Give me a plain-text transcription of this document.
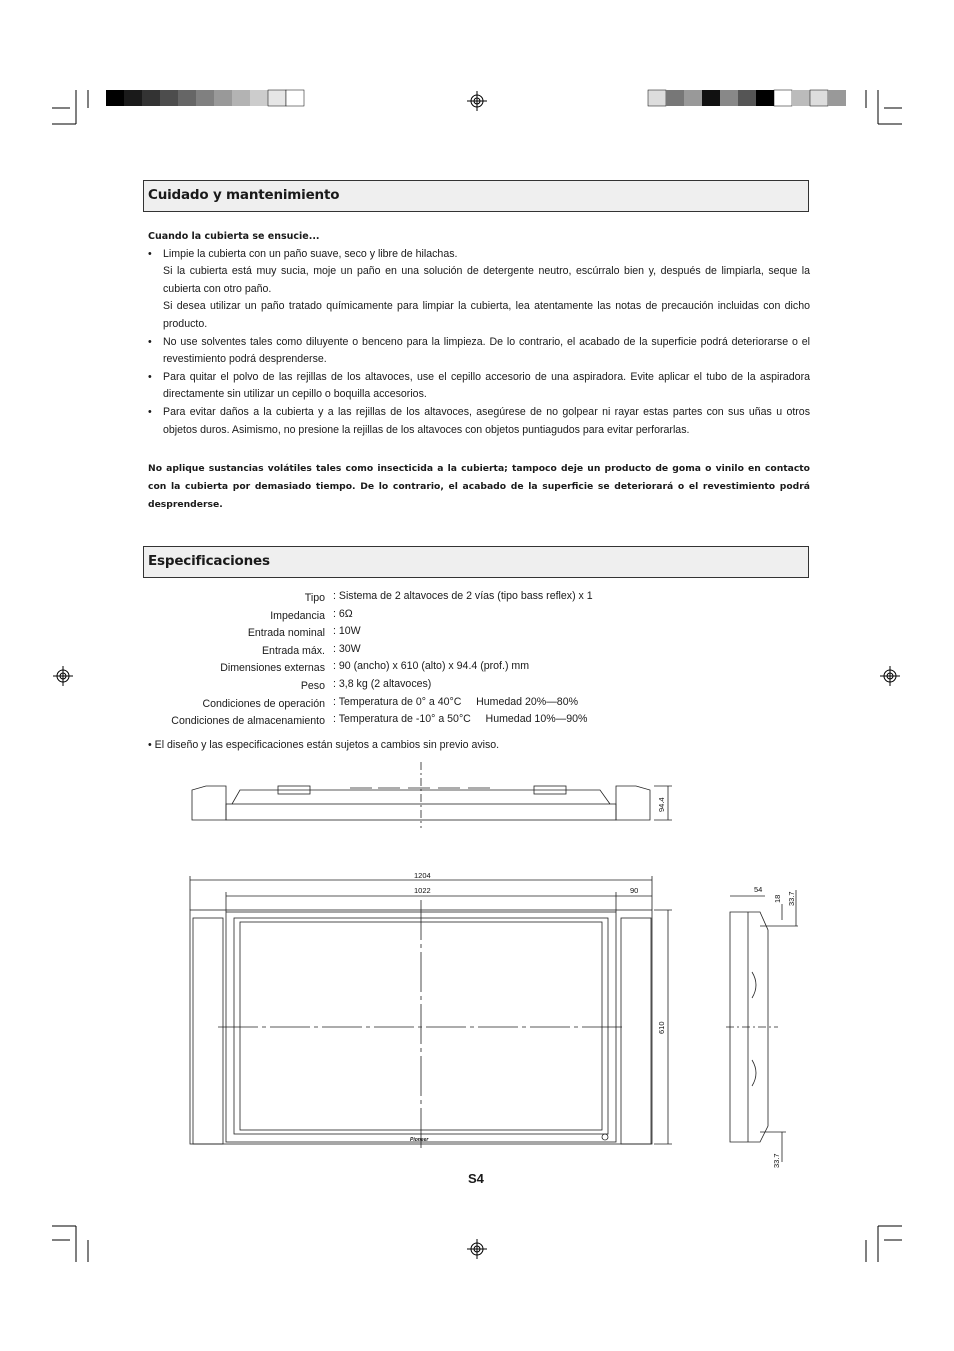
Cuidado y mantenimiento
Cuando la cubierta se ensucie...
• Limpie la cubierta con un paño suave, seco y libre de hilachas.

Si la cubierta está muy sucia, moje un paño en una solución de detergente neutro, escúrralo bien y, después de limpiarla, seque la cubierta con otro paño.

Si desea utilizar un paño tratado químicamente para limpiar la cubierta, lea atentamente las notas de precaución incluidas con dicho producto.

• No use solventes tales como diluyente o benceno para la limpieza. De lo contrario, el acabado de la superficie podrá deteriorarse o el revestimiento podrá desprenderse.

• Para quitar el polvo de las rejillas de los altavoces, use el cepillo accesorio de una aspiradora. Evite aplicar el tubo de la aspiradora directamente sin utilizar un cepillo o boquilla accesorios.

• Para evitar daños a la cubierta y a las rejillas de los altavoces, asegúrese de no golpear ni rayar estas partes con sus uñas u otros objetos duros. Asimismo, no presione la rejillas de los altavoces con objetos puntiagudos para evitar perforarlas.

No aplique sustancias volátiles tales como insecticida a la cubierta; tampoco deje un producto de goma o vinilo en contacto con la cubierta por demasiado tiempo. De lo contrario, el acabado de la superficie se deteriorará o el revestimiento podrá desprenderse.
Especificaciones
Tipo : Sistema de 2 altavoces de 2 vías (tipo bass reflex) x 1
Impedancia : 6Ω
Entrada nominal : 10W
Entrada máx. : 30W
Dimensiones externas : 90 (ancho) x 610 (alto) x 94.4 (prof.) mm
Peso : 3,8 kg (2 altavoces)
Condiciones de operación : Temperatura de 0° a 40°C     Humedad 20%—80%
Condiciones de almacenamiento : Temperatura de -10° a 50°C     Humedad 10%—90%
• El diseño y las especificaciones están sujetos a cambios sin previo aviso.
94.4
1204
1022	90
610
54
18 33.7
33.7
Pioneer
S4
